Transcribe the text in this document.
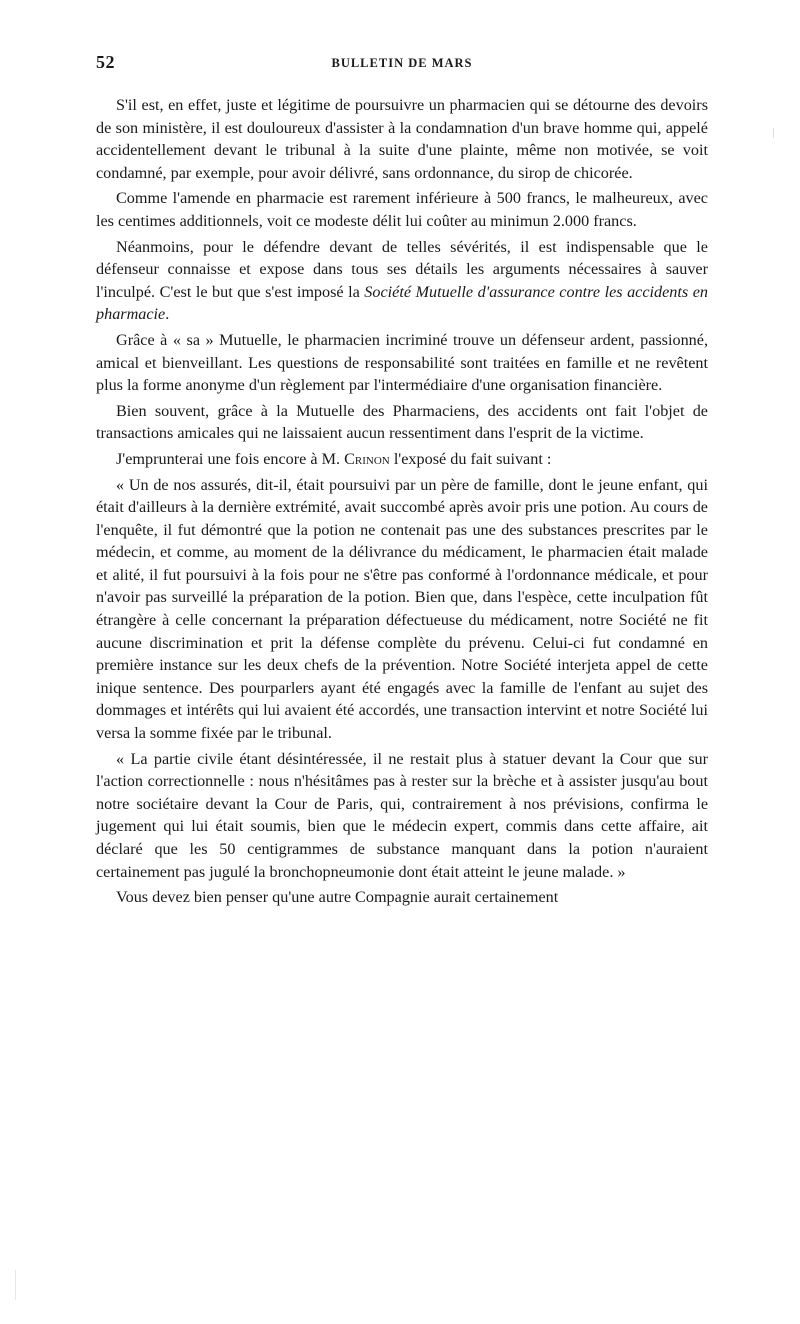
52	BULLETIN DE MARS

S'il est, en effet, juste et légitime de poursuivre un pharmacien qui se détourne des devoirs de son ministère, il est douloureux d'assister à la condamnation d'un brave homme qui, appelé accidentellement devant le tribunal à la suite d'une plainte, même non motivée, se voit condamné, par exemple, pour avoir délivré, sans ordonnance, du sirop de chicorée.

Comme l'amende en pharmacie est rarement inférieure à 500 francs, le malheureux, avec les centimes additionnels, voit ce modeste délit lui coûter au minimun 2.000 francs.

Néanmoins, pour le défendre devant de telles sévérités, il est indispensable que le défenseur connaisse et expose dans tous ses détails les arguments nécessaires à sauver l'inculpé. C'est le but que s'est imposé la Société Mutuelle d'assurance contre les accidents en pharmacie.

Grâce à « sa » Mutuelle, le pharmacien incriminé trouve un défenseur ardent, passionné, amical et bienveillant. Les questions de responsabilité sont traitées en famille et ne revêtent plus la forme anonyme d'un règlement par l'intermédiaire d'une organisation financière.

Bien souvent, grâce à la Mutuelle des Pharmaciens, des accidents ont fait l'objet de transactions amicales qui ne laissaient aucun ressentiment dans l'esprit de la victime.

J'emprunterai une fois encore à M. Crinon l'exposé du fait suivant :

« Un de nos assurés, dit-il, était poursuivi par un père de famille, dont le jeune enfant, qui était d'ailleurs à la dernière extrémité, avait succombé après avoir pris une potion. Au cours de l'enquête, il fut démontré que la potion ne contenait pas une des substances prescrites par le médecin, et comme, au moment de la délivrance du médicament, le pharmacien était malade et alité, il fut poursuivi à la fois pour ne s'être pas conformé à l'ordonnance médicale, et pour n'avoir pas surveillé la préparation de la potion. Bien que, dans l'espèce, cette inculpation fût étrangère à celle concernant la préparation défectueuse du médicament, notre Société ne fit aucune discrimination et prit la défense complète du prévenu. Celui-ci fut condamné en première instance sur les deux chefs de la prévention. Notre Société interjeta appel de cette inique sentence. Des pourparlers ayant été engagés avec la famille de l'enfant au sujet des dommages et intérêts qui lui avaient été accordés, une transaction intervint et notre Société lui versa la somme fixée par le tribunal.

« La partie civile étant désintéressée, il ne restait plus à statuer devant la Cour que sur l'action correctionnelle : nous n'hésitâmes pas à rester sur la brèche et à assister jusqu'au bout notre sociétaire devant la Cour de Paris, qui, contrairement à nos prévisions, confirma le jugement qui lui était soumis, bien que le médecin expert, commis dans cette affaire, ait déclaré que les 50 centigrammes de substance manquant dans la potion n'auraient certainement pas jugulé la bronchopneumonie dont était atteint le jeune malade. »

Vous devez bien penser qu'une autre Compagnie aurait certainement
